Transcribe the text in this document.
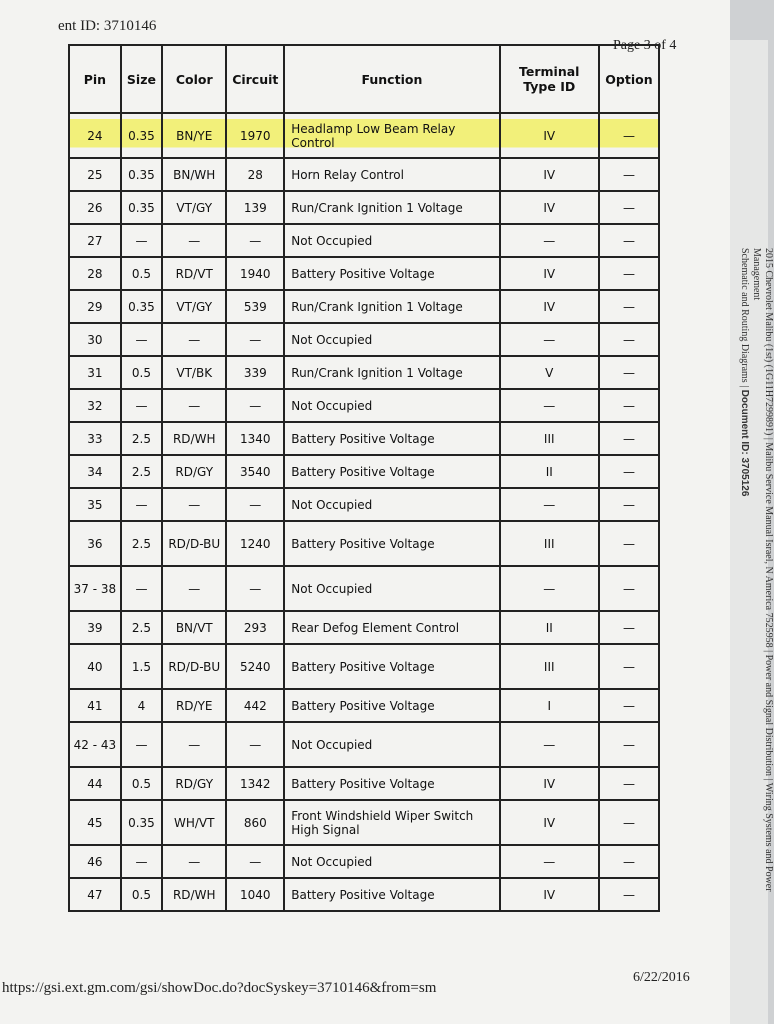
ent ID: 3710146
Page 3 of 4
Pin	Size	Color	Circuit	Function	Terminal Type ID	Option
24	0.35	BN/YE	1970	Headlamp Low Beam Relay Control	IV	—
25	0.35	BN/WH	28	Horn Relay Control	IV	—
26	0.35	VT/GY	139	Run/Crank Ignition 1 Voltage	IV	—
27	—	—	—	Not Occupied	—	—
28	0.5	RD/VT	1940	Battery Positive Voltage	IV	—
29	0.35	VT/GY	539	Run/Crank Ignition 1 Voltage	IV	—
30	—	—	—	Not Occupied	—	—
31	0.5	VT/BK	339	Run/Crank Ignition 1 Voltage	V	—
32	—	—	—	Not Occupied	—	—
33	2.5	RD/WH	1340	Battery Positive Voltage	III	—
34	2.5	RD/GY	3540	Battery Positive Voltage	II	—
35	—	—	—	Not Occupied	—	—
36	2.5	RD/D-BU	1240	Battery Positive Voltage	III	—
37 - 38	—	—	—	Not Occupied	—	—
39	2.5	BN/VT	293	Rear Defog Element Control	II	—
40	1.5	RD/D-BU	5240	Battery Positive Voltage	III	—
41	4	RD/YE	442	Battery Positive Voltage	I	—
42 - 43	—	—	—	Not Occupied	—	—
44	0.5	RD/GY	1342	Battery Positive Voltage	IV	—
45	0.35	WH/VT	860	Front Windshield Wiper Switch High Signal	IV	—
46	—	—	—	Not Occupied	—	—
47	0.5	RD/WH	1040	Battery Positive Voltage	IV	—
https://gsi.ext.gm.com/gsi/showDoc.do?docSyskey=3710146&from=sm
6/22/2016
2015 Chevrolet Malibu (1st) (1G11H7299891) | Malibu Service Manual Israel, N America 7525958 | Power and Signal Distribution | Wiring Systems and Power Management
Schematic and Routing Diagrams | Document ID: 3705126
